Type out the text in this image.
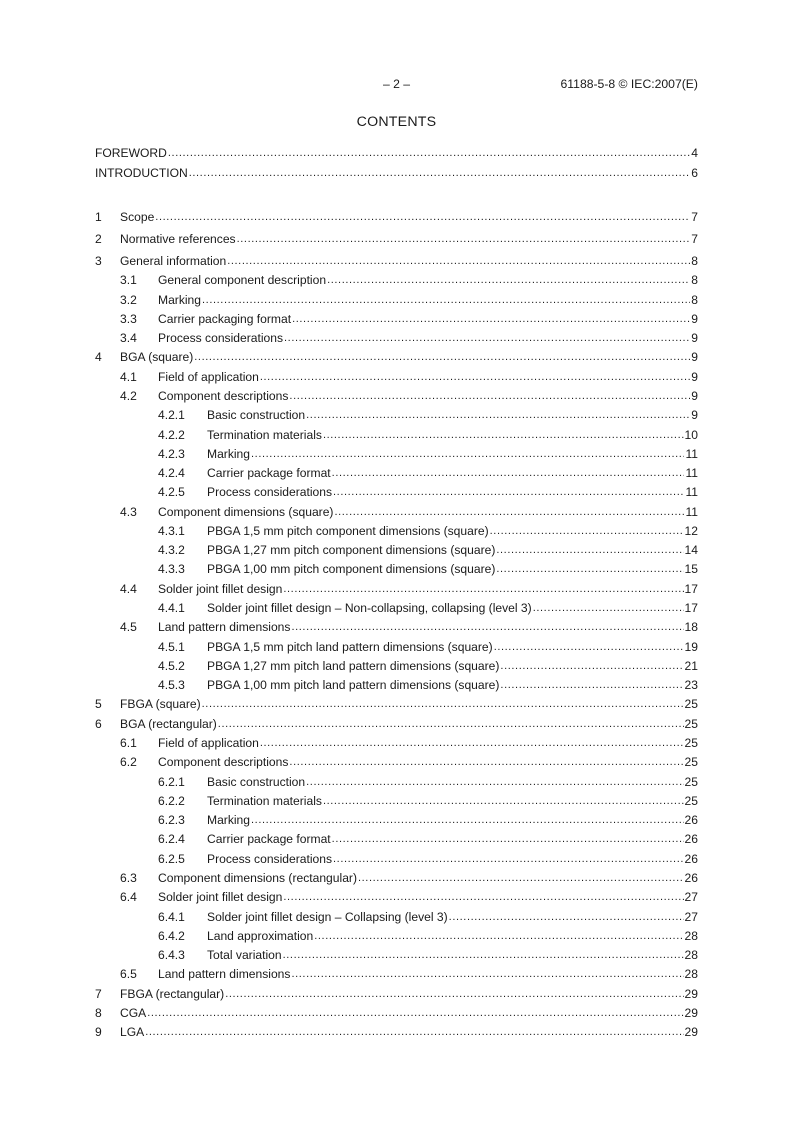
– 2 –	61188-5-8 © IEC:2007(E)
CONTENTS
FOREWORD .....	4
INTRODUCTION .....	6
1	Scope .....	7
2	Normative references .....	7
3	General information .....	8
3.1	General component description .....	8
3.2	Marking .....	8
3.3	Carrier packaging format .....	9
3.4	Process considerations .....	9
4	BGA (square) .....	9
4.1	Field of application .....	9
4.2	Component descriptions .....	9
4.2.1	Basic construction .....	9
4.2.2	Termination materials .....	10
4.2.3	Marking .....	11
4.2.4	Carrier package format .....	11
4.2.5	Process considerations .....	11
4.3	Component dimensions (square) .....	11
4.3.1	PBGA 1,5 mm pitch component dimensions (square) .....	12
4.3.2	PBGA 1,27 mm pitch component dimensions (square) .....	14
4.3.3	PBGA 1,00 mm pitch component dimensions (square) .....	15
4.4	Solder joint fillet design .....	17
4.4.1	Solder joint fillet design – Non-collapsing, collapsing (level 3) .....	17
4.5	Land pattern dimensions .....	18
4.5.1	PBGA 1,5 mm pitch land pattern dimensions (square) .....	19
4.5.2	PBGA 1,27 mm pitch land pattern dimensions (square) .....	21
4.5.3	PBGA 1,00 mm pitch land pattern dimensions (square) .....	23
5	FBGA (square) .....	25
6	BGA (rectangular) .....	25
6.1	Field of application .....	25
6.2	Component descriptions .....	25
6.2.1	Basic construction .....	25
6.2.2	Termination materials .....	25
6.2.3	Marking .....	26
6.2.4	Carrier package format .....	26
6.2.5	Process considerations .....	26
6.3	Component dimensions (rectangular) .....	26
6.4	Solder joint fillet design .....	27
6.4.1	Solder joint fillet design – Collapsing (level 3) .....	27
6.4.2	Land approximation .....	28
6.4.3	Total variation .....	28
6.5	Land pattern dimensions .....	28
7	FBGA (rectangular) .....	29
8	CGA .....	29
9	LGA .....	29
